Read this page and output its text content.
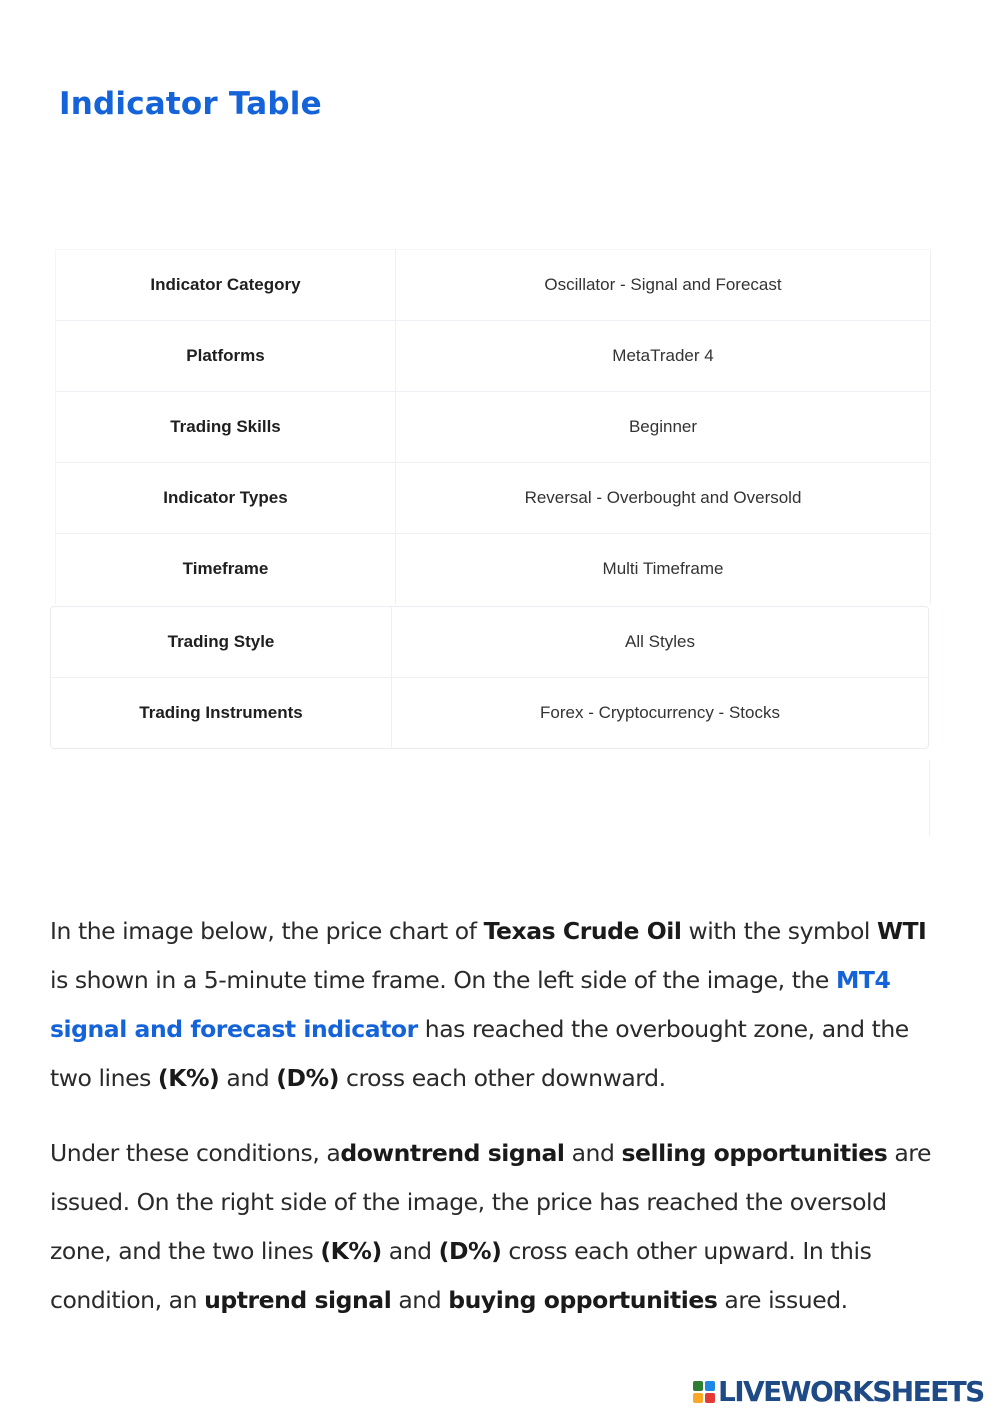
Indicator Table
Indicator Category	Oscillator - Signal and Forecast
Platforms	MetaTrader 4
Trading Skills	Beginner
Indicator Types	Reversal - Overbought and Oversold
Timeframe	Multi Timeframe
Trading Style	All Styles
Trading Instruments	Forex - Cryptocurrency - Stocks

In the image below, the price chart of Texas Crude Oil with the symbol WTI is shown in a 5-minute time frame. On the left side of the image, the MT4 signal and forecast indicator has reached the overbought zone, and the two lines (K%) and (D%) cross each other downward.

Under these conditions, adowntrend signal and selling opportunities are issued. On the right side of the image, the price has reached the oversold zone, and the two lines (K%) and (D%) cross each other upward. In this condition, an uptrend signal and buying opportunities are issued.

LIVEWORKSHEETS
